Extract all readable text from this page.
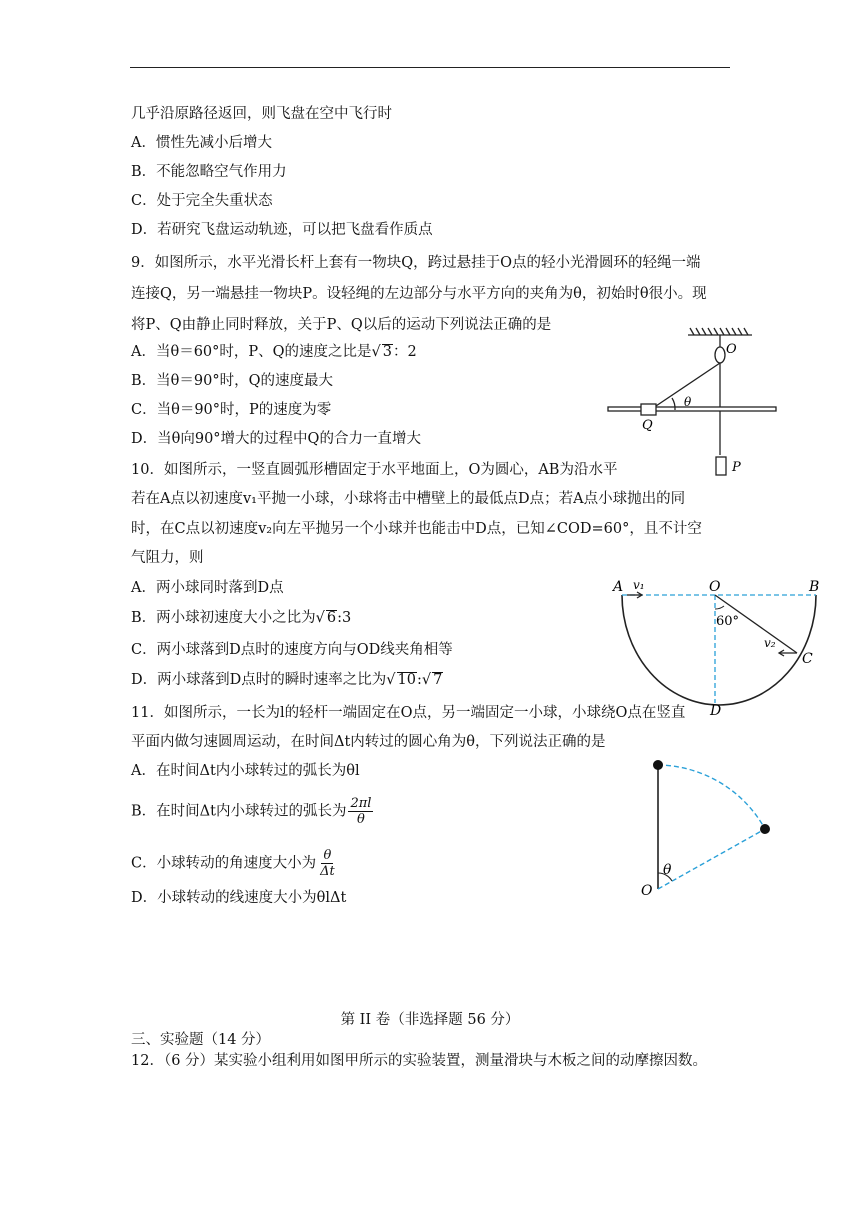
几乎沿原路径返回，则飞盘在空中飞行时
A．惯性先减小后增大
B．不能忽略空气作用力
C．处于完全失重状态
D．若研究飞盘运动轨迹，可以把飞盘看作质点
9．如图所示，水平光滑长杆上套有一物块Q，跨过悬挂于O点的轻小光滑圆环的轻绳一端
连接Q，另一端悬挂一物块P。设轻绳的左边部分与水平方向的夹角为θ，初始时θ很小。现
将P、Q由静止同时释放，关于P、Q以后的运动下列说法正确的是
A．当θ＝60°时，P、Q的速度之比是√ 3：2
B．当θ＝90°时，Q的速度最大
C．当θ＝90°时，P的速度为零
D．当θ向90°增大的过程中Q的合力一直增大
10．如图所示，一竖直圆弧形槽固定于水平地面上，O为圆心，AB为沿水平
若在A点以初速度v₁平抛一小球，小球将击中槽壁上的最低点D点；若A点小球抛出的同
时，在C点以初速度v₂向左平抛另一个小球并也能击中D点，已知∠COD=60°，且不计空
气阻力，则
A．两小球同时落到D点
B．两小球初速度大小之比为√ 6:3
C．两小球落到D点时的速度方向与OD线夹角相等
D．两小球落到D点时的瞬时速率之比为√ 10:√ 7
11．如图所示，一长为l的轻杆一端固定在O点，另一端固定一小球，小球绕O点在竖直
平面内做匀速圆周运动，在时间Δt内转过的圆心角为θ，下列说法正确的是
A．在时间Δt内小球转过的弧长为θl
B．在时间Δt内小球转过的弧长为 $\frac{2\pi l}{\theta}$
C．小球转动的角速度大小为 $\frac{\theta}{\Delta t}$
D．小球转动的线速度大小为θlΔt
第 II 卷（非选择题 56 分）
三、实验题（14 分）
12．（6 分）某实验小组利用如图甲所示的实验装置，测量滑块与木板之间的动摩擦因数。
O
θ
Q
P
A v₁	O	B
60°
v₂
C
D
θ
O
